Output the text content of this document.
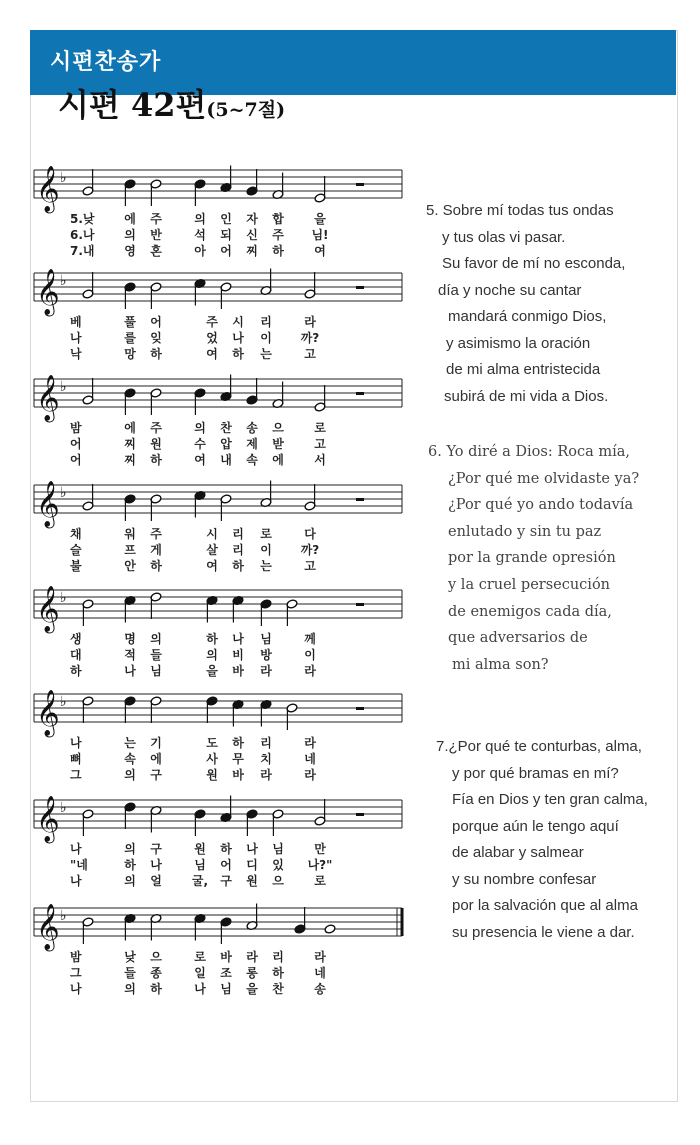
시편찬송가
시편 42편(5~7절)
𝄞 ♭
5.낮 에 주	의 인 자 합	을
6.나 의 반	석 되 신 주 님!
7.내 영 혼	아 어 찌 하	여
𝄞 ♭
베	풀 어	주 시 리	라
나	를 잊	었 나 이 까?
낙	망 하	여 하 는	고
𝄞 ♭
밤	에 주	의 찬 송 으	로
어	찌 원	수 압 제 받	고
어	찌 하	여 내 속 에	서
𝄞 ♭
채	워 주	시 리 로	다
슬	프 게	살 리 이 까?
불	안 하	여 하 는	고
𝄞 ♭
생	명 의	하 나 님	께
대	적 들	의 비 방	이
하	나 님	을 바 라	라
𝄞 ♭
나	는 기	도 하 리	라
뼈	속 에	사 무 치	네
그	의 구	원 바 라	라
𝄞 ♭
나	의 구	원 하 나 님	만
"네	하 나	님 어 디 있 나?"
나	의 얼	굴, 구 원 으	로
𝄞 ♭
밤	낮 으	로 바 라 리	라
그	들 종	일 조 롱 하	네
나	의 하	나 님 을 찬	송
5. Sobre mí todas tus ondas
y tus olas vi pasar.
Su favor de mí no esconda,
día y noche su cantar
mandará conmigo Dios,
y asimismo la oración
de mi alma entristecida
subirá de mi vida a Dios.
6. Yo diré a Dios: Roca mía,
¿Por qué me olvidaste ya?
¿Por qué yo ando todavía
enlutado y sin tu paz
por la grande opresión
y la cruel persecución
de enemigos cada día,
que adversarios de
mi alma son?
7.¿Por qué te conturbas, alma,
y por qué bramas en mí?
Fía en Dios y ten gran calma,
porque aún le tengo aquí
de alabar y salmear
y su nombre confesar
por la salvación que al alma
su presencia le viene a dar.
